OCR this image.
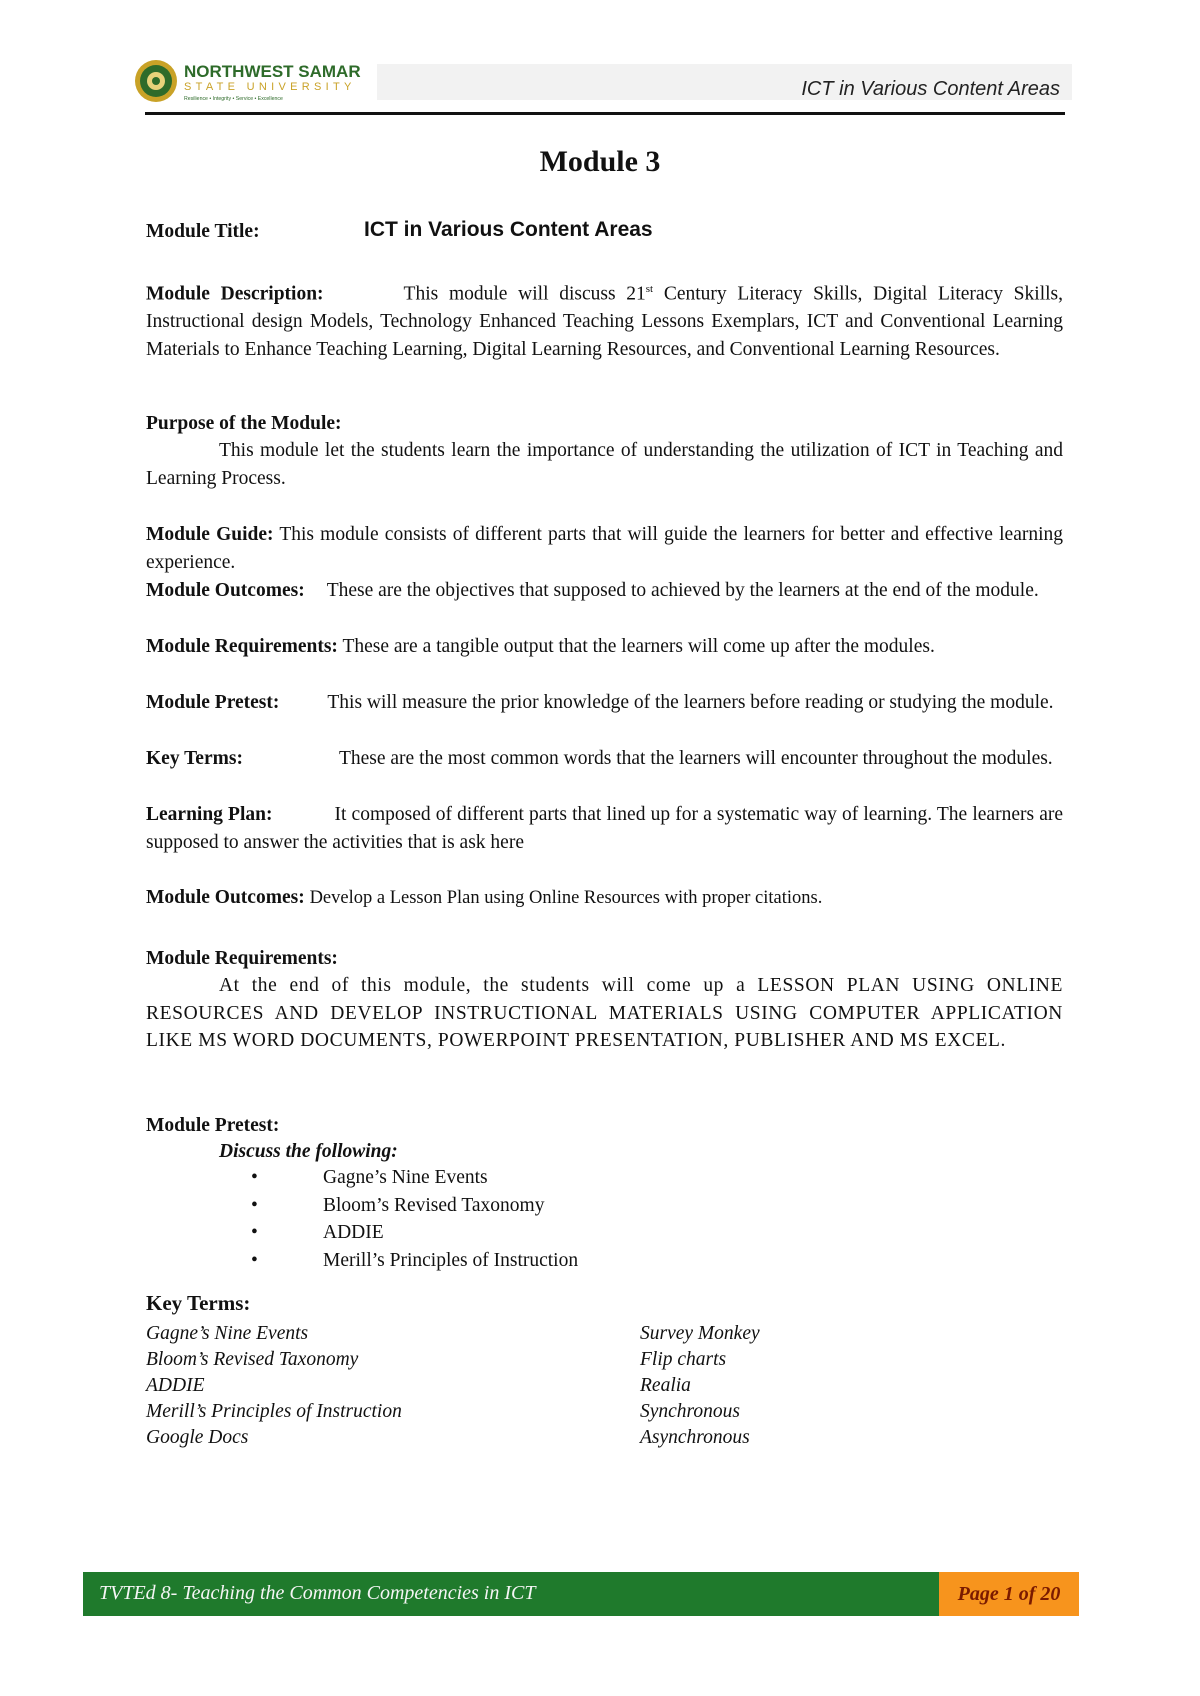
NORTHWEST SAMAR
STATE UNIVERSITY
Resilience • Integrity • Service • Excellence	ICT in Various Content Areas
Module 3
Module Title:	ICT in Various Content Areas
Module Description:	This module will discuss 21st Century Literacy Skills, Digital Literacy Skills, Instructional design Models, Technology Enhanced Teaching Lessons Exemplars, ICT and Conventional Learning Materials to Enhance Teaching Learning, Digital Learning Resources, and Conventional Learning Resources.
Purpose of the Module:
This module let the students learn the importance of understanding the utilization of ICT in Teaching and Learning Process.
Module Guide: This module consists of different parts that will guide the learners for better and effective learning experience.
Module Outcomes: These are the objectives that supposed to achieved by the learners at the end of the module.
Module Requirements: These are a tangible output that the learners will come up after the modules.
Module Pretest: This will measure the prior knowledge of the learners before reading or studying the module.
Key Terms:	These are the most common words that the learners will encounter throughout the modules.
Learning Plan:	It composed of different parts that lined up for a systematic way of learning. The learners are supposed to answer the activities that is ask here
Module Outcomes: Develop a Lesson Plan using Online Resources with proper citations.
Module Requirements:
At the end of this module, the students will come up a LESSON PLAN USING ONLINE RESOURCES AND DEVELOP INSTRUCTIONAL MATERIALS USING COMPUTER APPLICATION LIKE MS WORD DOCUMENTS, POWERPOINT PRESENTATION, PUBLISHER AND MS EXCEL.
Module Pretest:
Discuss the following:
• Gagne’s Nine Events
• Bloom’s Revised Taxonomy
• ADDIE
• Merill’s Principles of Instruction
Key Terms:
Gagne’s Nine Events
Bloom’s Revised Taxonomy
ADDIE
Merill’s Principles of Instruction
Google Docs
Survey Monkey
Flip charts
Realia
Synchronous
Asynchronous
TVTEd 8- Teaching the Common Competencies in ICT	Page 1 of 20
